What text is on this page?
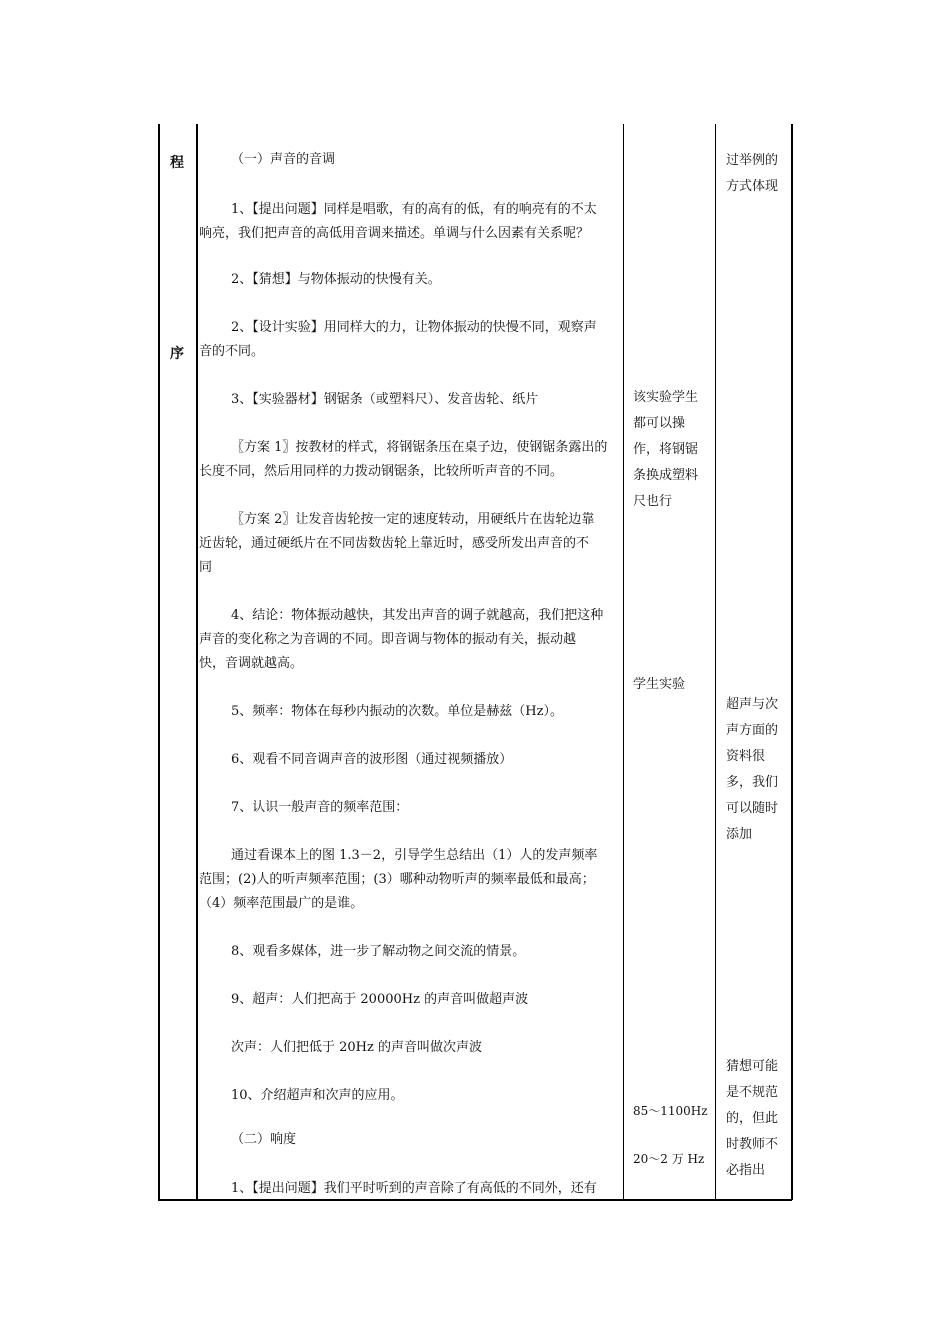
程
序

（一）声音的音调

1、【提出问题】同样是唱歌，有的高有的低，有的响亮有的不太
响亮，我们把声音的高低用音调来描述。单调与什么因素有关系呢？

2、【猜想】与物体振动的快慢有关。

2、【设计实验】用同样大的力，让物体振动的快慢不同，观察声
音的不同。

3、【实验器材】钢锯条（或塑料尺）、发音齿轮、纸片

〖方案 1〗按教材的样式，将钢锯条压在桌子边，使钢锯条露出的
长度不同，然后用同样的力拨动钢锯条，比较所听声音的不同。
〖方案 2〗让发音齿轮按一定的速度转动，用硬纸片在齿轮边靠
近齿轮，通过硬纸片在不同齿数齿轮上靠近时，感受所发出声音的不
同
4、结论：物体振动越快，其发出声音的调子就越高，我们把这种
声音的变化称之为音调的不同。即音调与物体的振动有关，振动越
快，音调就越高。

5、频率：物体在每秒内振动的次数。单位是赫兹（Hz）。

6、观看不同音调声音的波形图（通过视频播放）

7、认识一般声音的频率范围：

通过看课本上的图 1.3－2，引导学生总结出（1）人的发声频率
范围；(2)人的听声频率范围；(3）哪种动物听声的频率最低和最高；
（4）频率范围最广的是谁。

8、观看多媒体，进一步了解动物之间交流的情景。

9、超声：人们把高于 20000Hz 的声音叫做超声波

次声：人们把低于 20Hz 的声音叫做次声波

10、介绍超声和次声的应用。

（二）响度

1、【提出问题】我们平时听到的声音除了有高低的不同外，还有

该实验学生
都可以操
作，将钢锯
条换成塑料
尺也行
学生实验
85～1100Hz
20～2 万 Hz
过举例的
方式体现
超声与次
声方面的
资料很
多，我们
可以随时
添加
猜想可能
是不规范
的，但此
时教师不
必指出
